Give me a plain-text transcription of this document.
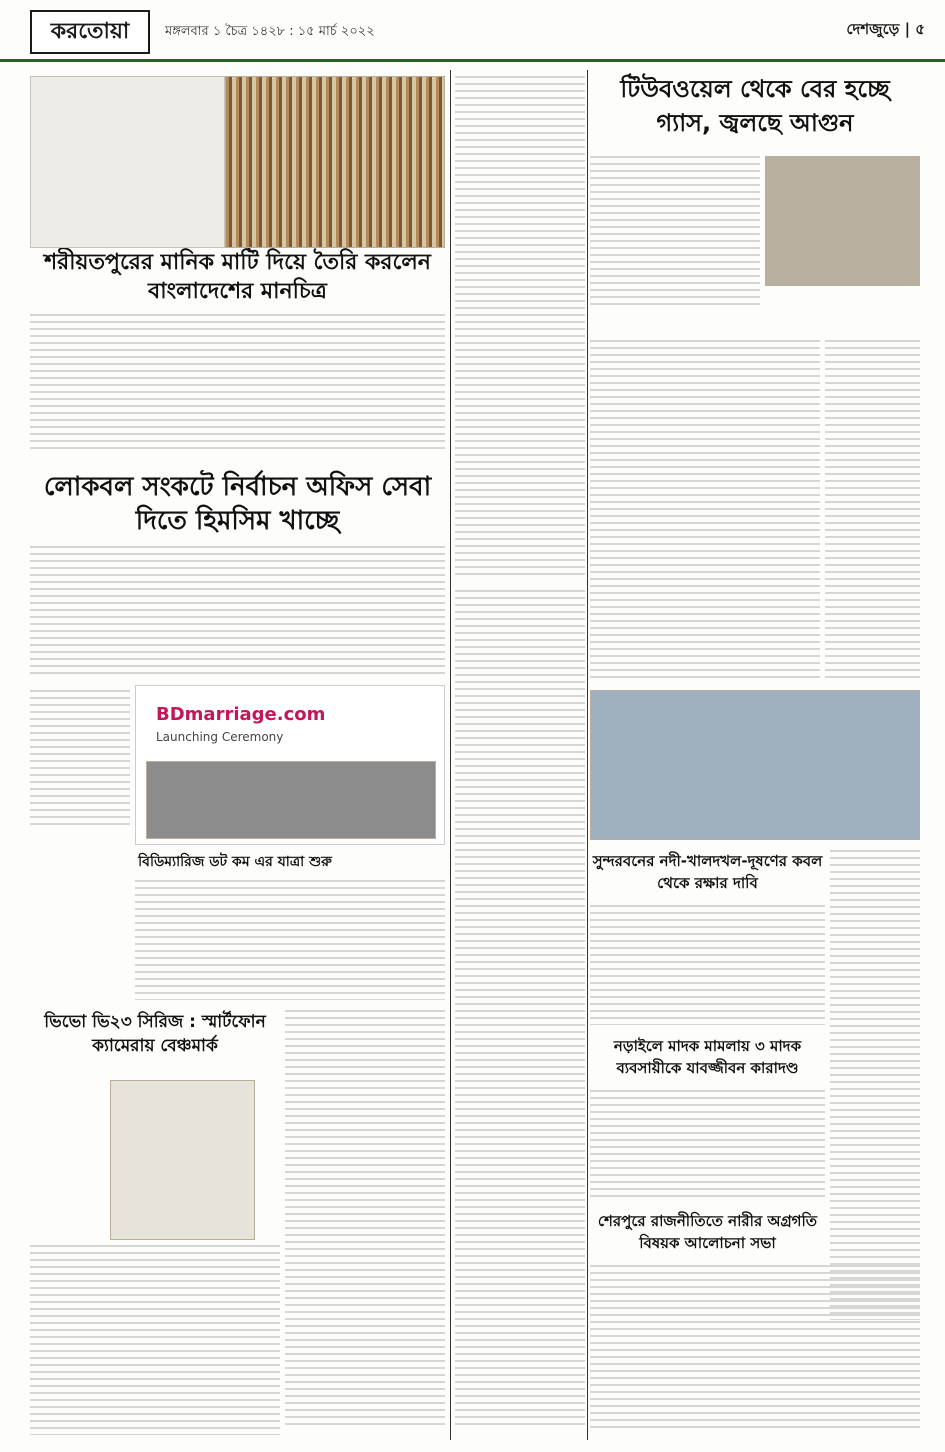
করতোয়া	মঙ্গলবার ১ চৈত্র ১৪২৮ : ১৫ মার্চ ২০২২	দেশজুড়ে | ৫
শরীয়তপুরের মানিক মাটি দিয়ে তৈরি করলেন বাংলাদেশের মানচিত্র
লোকবল সংকটে নির্বাচন অফিস সেবা দিতে হিমসিম খাচ্ছে
BDmarriage.com
Launching Ceremony
বিডিম্যারিজ ডট কম এর যাত্রা শুরু
ভিভো ভি২৩ সিরিজ : স্মার্টফোন ক্যামেরায় বেঞ্চমার্ক
টিউবওয়েল থেকে বের হচ্ছে গ্যাস, জ্বলছে আগুন
সুন্দরবনের নদী-খালদখল-দূষণের কবল থেকে রক্ষার দাবি
নড়াইলে মাদক মামলায় ৩ মাদক ব্যবসায়ীকে যাবজ্জীবন কারাদণ্ড
শেরপুরে রাজনীতিতে নারীর অগ্রগতি বিষয়ক আলোচনা সভা
